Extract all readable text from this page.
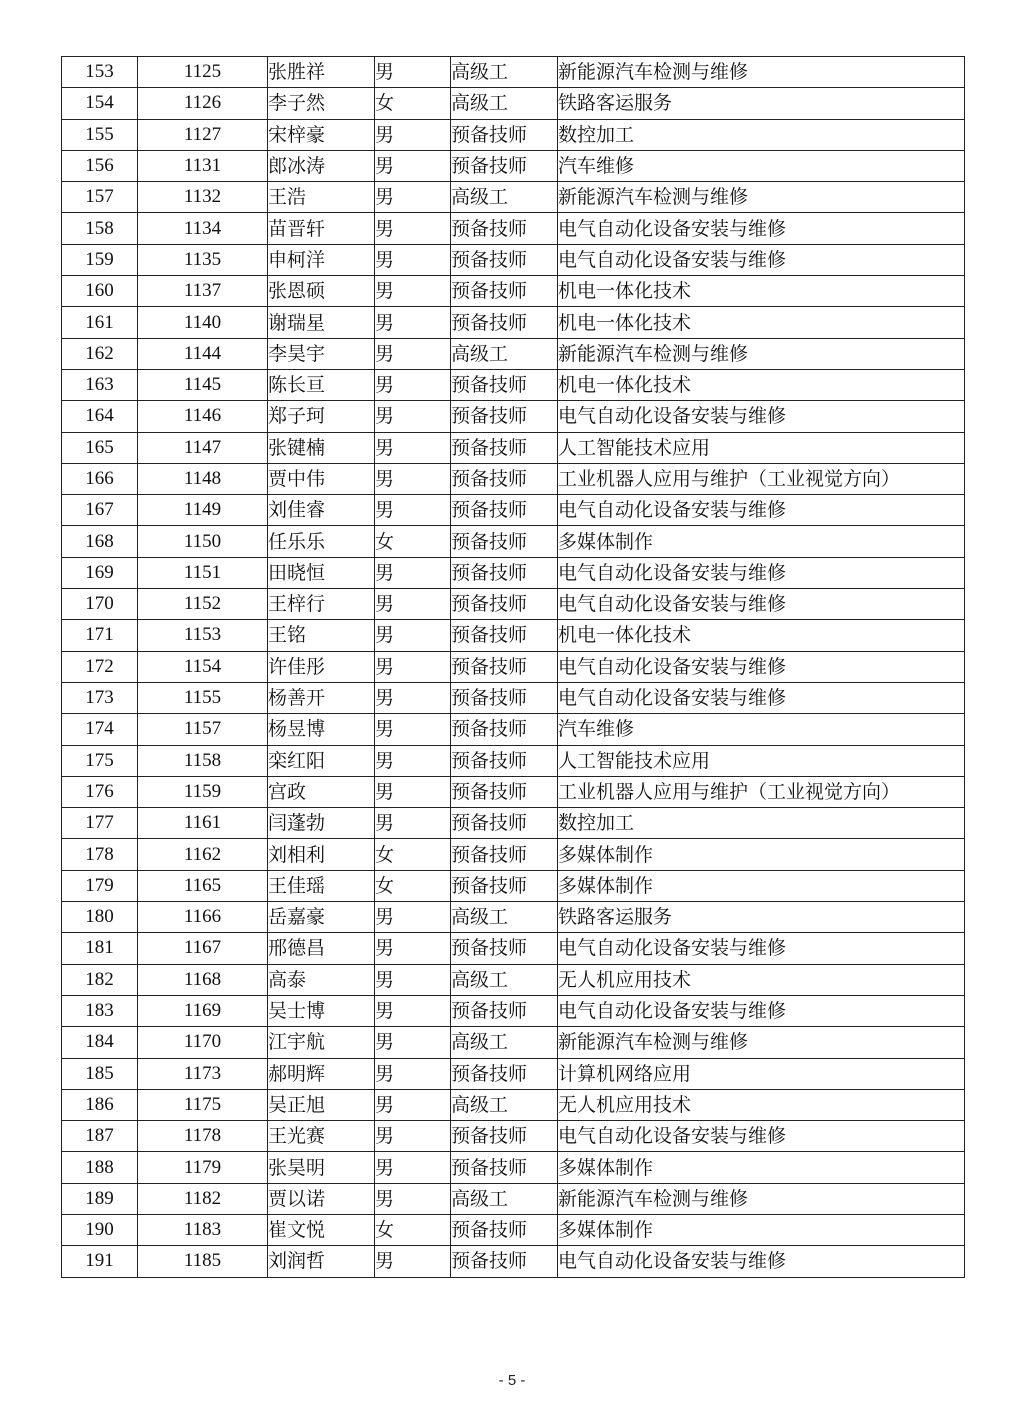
153	1125	张胜祥	男	高级工	新能源汽车检测与维修
154	1126	李子然	女	高级工	铁路客运服务
155	1127	宋梓豪	男	预备技师	数控加工
156	1131	郎冰涛	男	预备技师	汽车维修
157	1132	王浩	男	高级工	新能源汽车检测与维修
158	1134	苗晋轩	男	预备技师	电气自动化设备安装与维修
159	1135	申柯洋	男	预备技师	电气自动化设备安装与维修
160	1137	张恩硕	男	预备技师	机电一体化技术
161	1140	谢瑞星	男	预备技师	机电一体化技术
162	1144	李昊宇	男	高级工	新能源汽车检测与维修
163	1145	陈长亘	男	预备技师	机电一体化技术
164	1146	郑子珂	男	预备技师	电气自动化设备安装与维修
165	1147	张键楠	男	预备技师	人工智能技术应用
166	1148	贾中伟	男	预备技师	工业机器人应用与维护（工业视觉方向）
167	1149	刘佳睿	男	预备技师	电气自动化设备安装与维修
168	1150	任乐乐	女	预备技师	多媒体制作
169	1151	田晓恒	男	预备技师	电气自动化设备安装与维修
170	1152	王梓行	男	预备技师	电气自动化设备安装与维修
171	1153	王铭	男	预备技师	机电一体化技术
172	1154	许佳彤	男	预备技师	电气自动化设备安装与维修
173	1155	杨善开	男	预备技师	电气自动化设备安装与维修
174	1157	杨昱博	男	预备技师	汽车维修
175	1158	栾红阳	男	预备技师	人工智能技术应用
176	1159	宫政	男	预备技师	工业机器人应用与维护（工业视觉方向）
177	1161	闫蓬勃	男	预备技师	数控加工
178	1162	刘相利	女	预备技师	多媒体制作
179	1165	王佳瑶	女	预备技师	多媒体制作
180	1166	岳嘉豪	男	高级工	铁路客运服务
181	1167	邢德昌	男	预备技师	电气自动化设备安装与维修
182	1168	高泰	男	高级工	无人机应用技术
183	1169	吴士博	男	预备技师	电气自动化设备安装与维修
184	1170	江宇航	男	高级工	新能源汽车检测与维修
185	1173	郝明辉	男	预备技师	计算机网络应用
186	1175	吴正旭	男	高级工	无人机应用技术
187	1178	王光赛	男	预备技师	电气自动化设备安装与维修
188	1179	张昊明	男	预备技师	多媒体制作
189	1182	贾以诺	男	高级工	新能源汽车检测与维修
190	1183	崔文悦	女	预备技师	多媒体制作
191	1185	刘润哲	男	预备技师	电气自动化设备安装与维修
- 5 -
